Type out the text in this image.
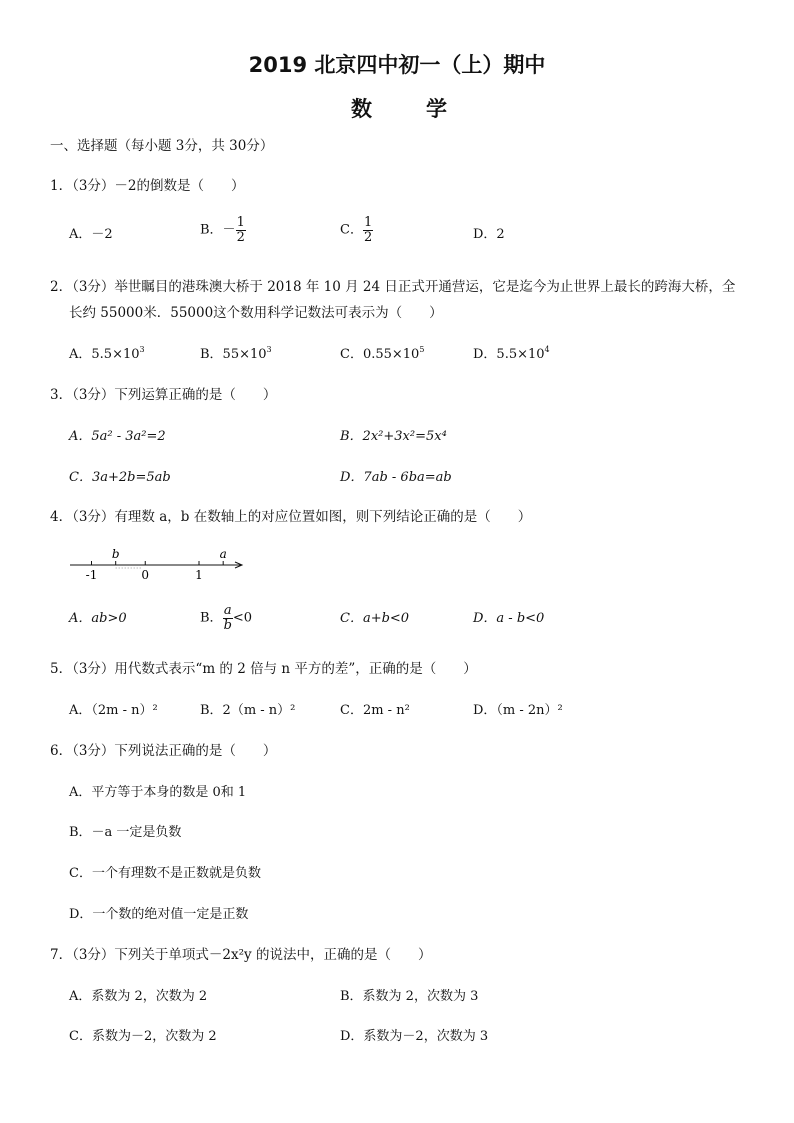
2019 北京四中初一（上）期中
数学
一、选择题（每小题 3分，共 30分）
1．（3分）－2的倒数是（　　）
A．－2	B．－ $\frac{1}{2}$	C． $\frac{1}{2}$	D．2
2．（3分）举世瞩目的港珠澳大桥于 2018 年 10 月 24 日正式开通营运，它是迄今为止世界上最长的跨海大桥，全
长约 55000米．55000这个数用科学记数法可表示为（　　）
A．$5.5\times 10^3$	B．$55\times 10^3$	C．$0.55\times 10^5$	D．$5.5\times 10^4$
3．（3分）下列运算正确的是（　　）
A．5a² - 3a²=2	B．2x²+3x²=5x⁴
C．3a+2b=5ab	D．7ab - 6ba=ab
4．（3分）有理数 a，b 在数轴上的对应位置如图，则下列结论正确的是（　　）
-1	0	1
b	a
A．ab>0	B． $\frac{a}{b} <0$	C．a+b<0	D．a - b<0
5．（3分）用代数式表示“m 的 2 倍与 n 平方的差”，正确的是（　　）
A．（2m - n）²	B．2（m - n）²	C．2m - n²	D．（m - 2n）²
6．（3分）下列说法正确的是（　　）
A．平方等于本身的数是 0和 1
B．－a 一定是负数
C．一个有理数不是正数就是负数
D．一个数的绝对值一定是正数
7．（3分）下列关于单项式－2x²y 的说法中，正确的是（　　）
A．系数为 2，次数为 2	B．系数为 2，次数为 3
C．系数为－2，次数为 2	D．系数为－2，次数为 3
